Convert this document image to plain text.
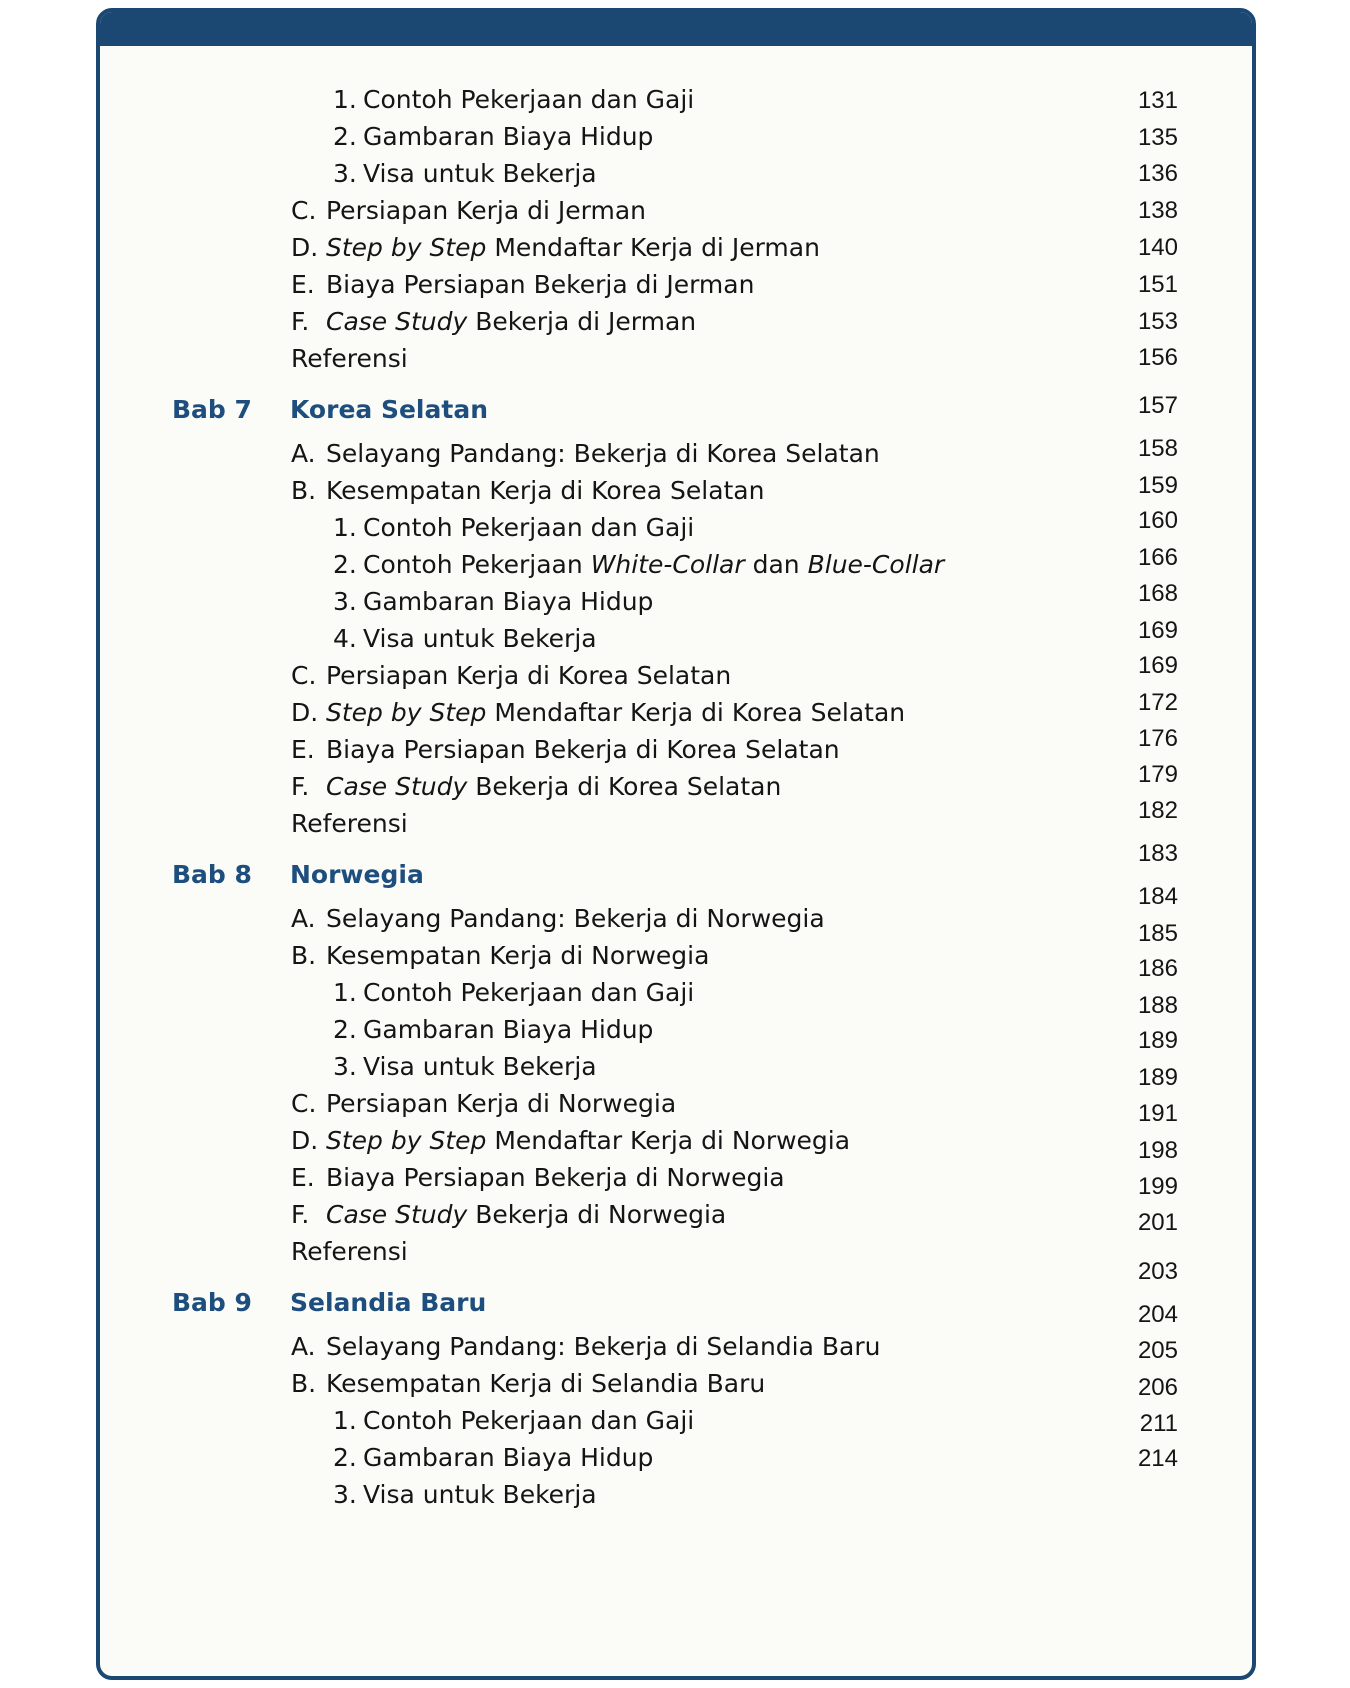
1. Contoh Pekerjaan dan Gaji
2. Gambaran Biaya Hidup
3. Visa untuk Bekerja
C. Persiapan Kerja di Jerman
D. Step by Step Mendaftar Kerja di Jerman
E. Biaya Persiapan Bekerja di Jerman
F. Case Study Bekerja di Jerman
Referensi
Bab 7 Korea Selatan
A. Selayang Pandang: Bekerja di Korea Selatan
B. Kesempatan Kerja di Korea Selatan
1. Contoh Pekerjaan dan Gaji
2. Contoh Pekerjaan White-Collar dan Blue-Collar
3. Gambaran Biaya Hidup
4. Visa untuk Bekerja
C. Persiapan Kerja di Korea Selatan
D. Step by Step Mendaftar Kerja di Korea Selatan
E. Biaya Persiapan Bekerja di Korea Selatan
F. Case Study Bekerja di Korea Selatan
Referensi
Bab 8 Norwegia
A. Selayang Pandang: Bekerja di Norwegia
B. Kesempatan Kerja di Norwegia
1. Contoh Pekerjaan dan Gaji
2. Gambaran Biaya Hidup
3. Visa untuk Bekerja
C. Persiapan Kerja di Norwegia
D. Step by Step Mendaftar Kerja di Norwegia
E. Biaya Persiapan Bekerja di Norwegia
F. Case Study Bekerja di Norwegia
Referensi
Bab 9 Selandia Baru
A. Selayang Pandang: Bekerja di Selandia Baru
B. Kesempatan Kerja di Selandia Baru
1. Contoh Pekerjaan dan Gaji
2. Gambaran Biaya Hidup
3. Visa untuk Bekerja
131
135
136
138
140
151
153
156
157
158
159
160
166
168
169
169
172
176
179
182
183
184
185
186
188
189
189
191
198
199
201
203
204
205
206
211
214
